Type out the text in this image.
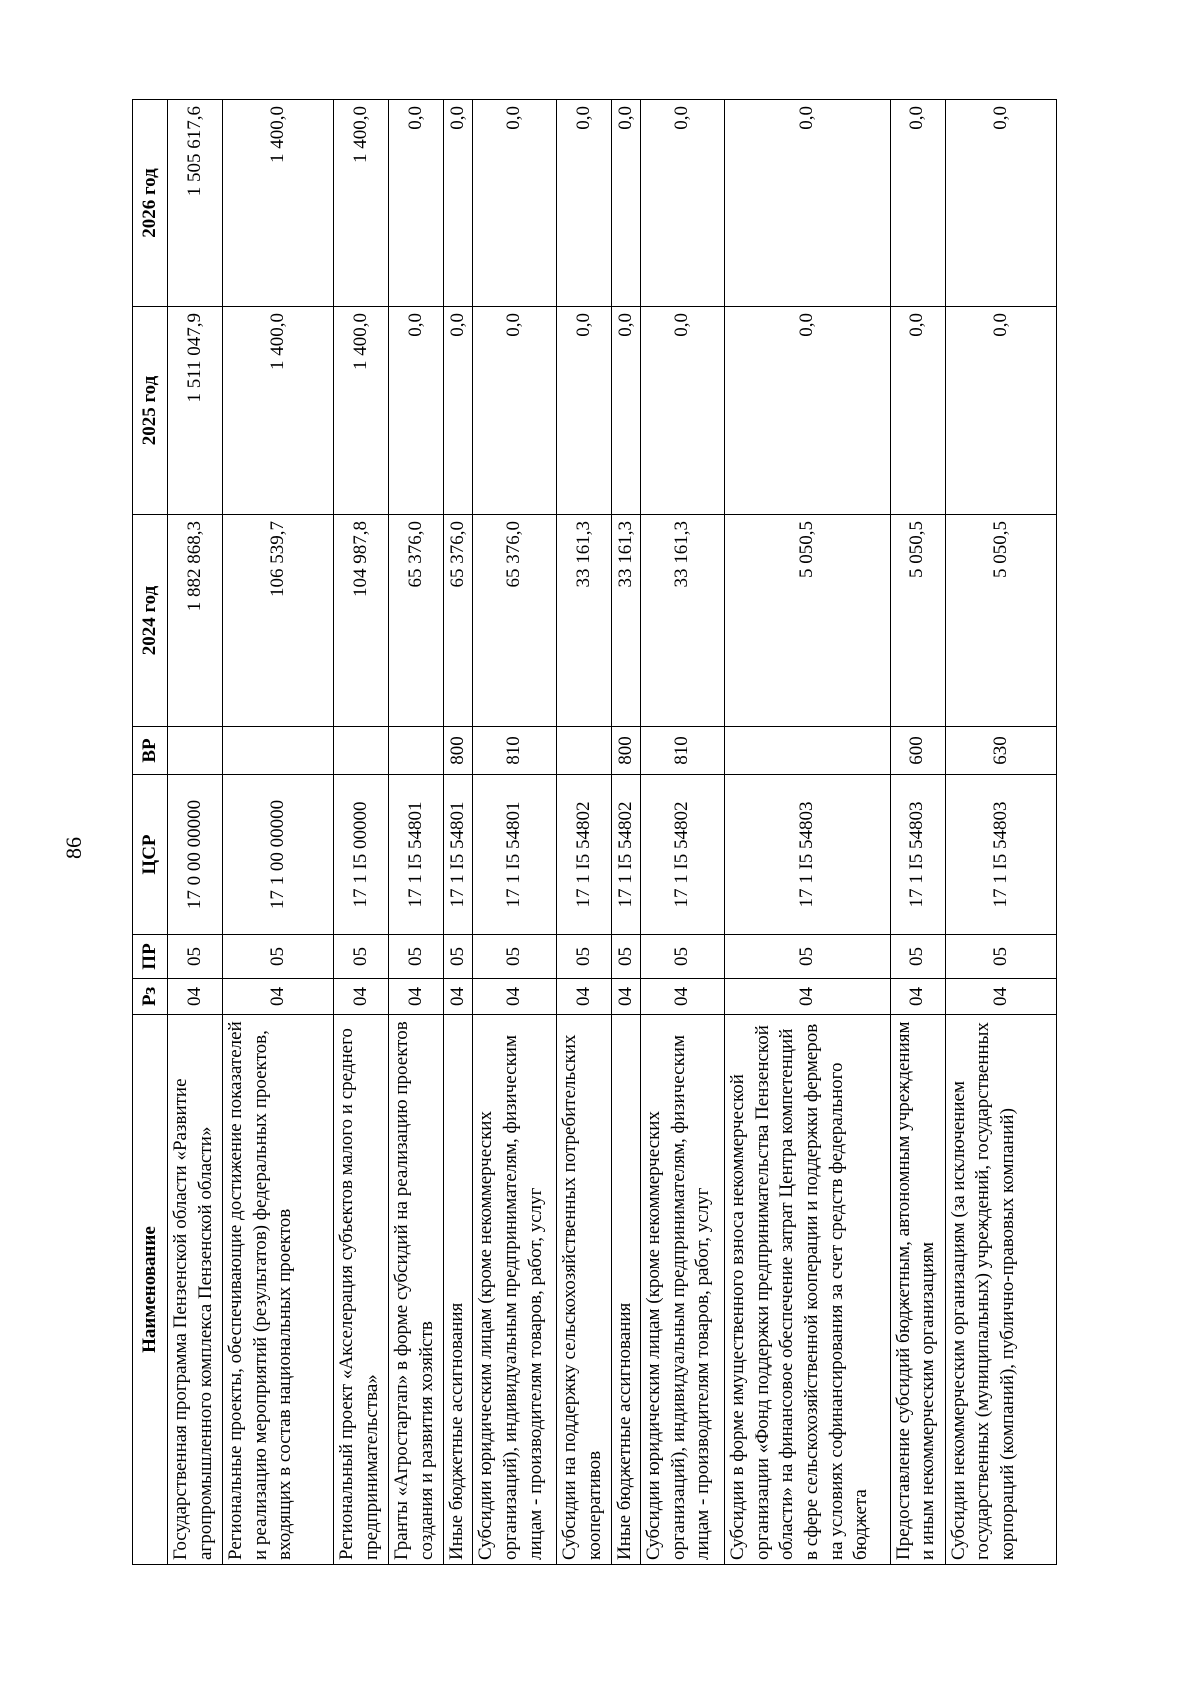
86
Наименование	Рз	ПР	ЦСР	ВР	2024 год	2025 год	2026 год
Государственная программа Пензенской области «Развитие агропромышленного комплекса Пензенской области»	04	05	17 0 00 00000		1 882 868,3	1 511 047,9	1 505 617,6
Региональные проекты, обеспечивающие достижение показателей и реализацию мероприятий (результатов) федеральных проектов, входящих в состав национальных проектов	04	05	17 1 00 00000		106 539,7	1 400,0	1 400,0
Региональный проект «Акселерация субъектов малого и среднего предпринимательства»	04	05	17 1 I5 00000		104 987,8	1 400,0	1 400,0
Гранты «Агростартап» в форме субсидий на реализацию проектов создания и развития хозяйств	04	05	17 1 I5 54801		65 376,0	0,0	0,0
Иные бюджетные ассигнования	04	05	17 1 I5 54801	800	65 376,0	0,0	0,0
Субсидии юридическим лицам (кроме некоммерческих организаций), индивидуальным предпринимателям, физическим лицам - производителям товаров, работ, услуг	04	05	17 1 I5 54801	810	65 376,0	0,0	0,0
Субсидии на поддержку сельскохозяйственных потребительских кооперативов	04	05	17 1 I5 54802		33 161,3	0,0	0,0
Иные бюджетные ассигнования	04	05	17 1 I5 54802	800	33 161,3	0,0	0,0
Субсидии юридическим лицам (кроме некоммерческих организаций), индивидуальным предпринимателям, физическим лицам - производителям товаров, работ, услуг	04	05	17 1 I5 54802	810	33 161,3	0,0	0,0
Субсидии в форме имущественного взноса некоммерческой организации «Фонд поддержки предпринимательства Пензенской области» на финансовое обеспечение затрат Центра компетенций в сфере сельскохозяйственной кооперации и поддержки фермеров на условиях софинансирования за счет средств федерального бюджета	04	05	17 1 I5 54803		5 050,5	0,0	0,0
Предоставление субсидий бюджетным, автономным учреждениям и иным некоммерческим организациям	04	05	17 1 I5 54803	600	5 050,5	0,0	0,0
Субсидии некоммерческим организациям (за исключением государственных (муниципальных) учреждений, государственных корпораций (компаний), публично-правовых компаний)	04	05	17 1 I5 54803	630	5 050,5	0,0	0,0
